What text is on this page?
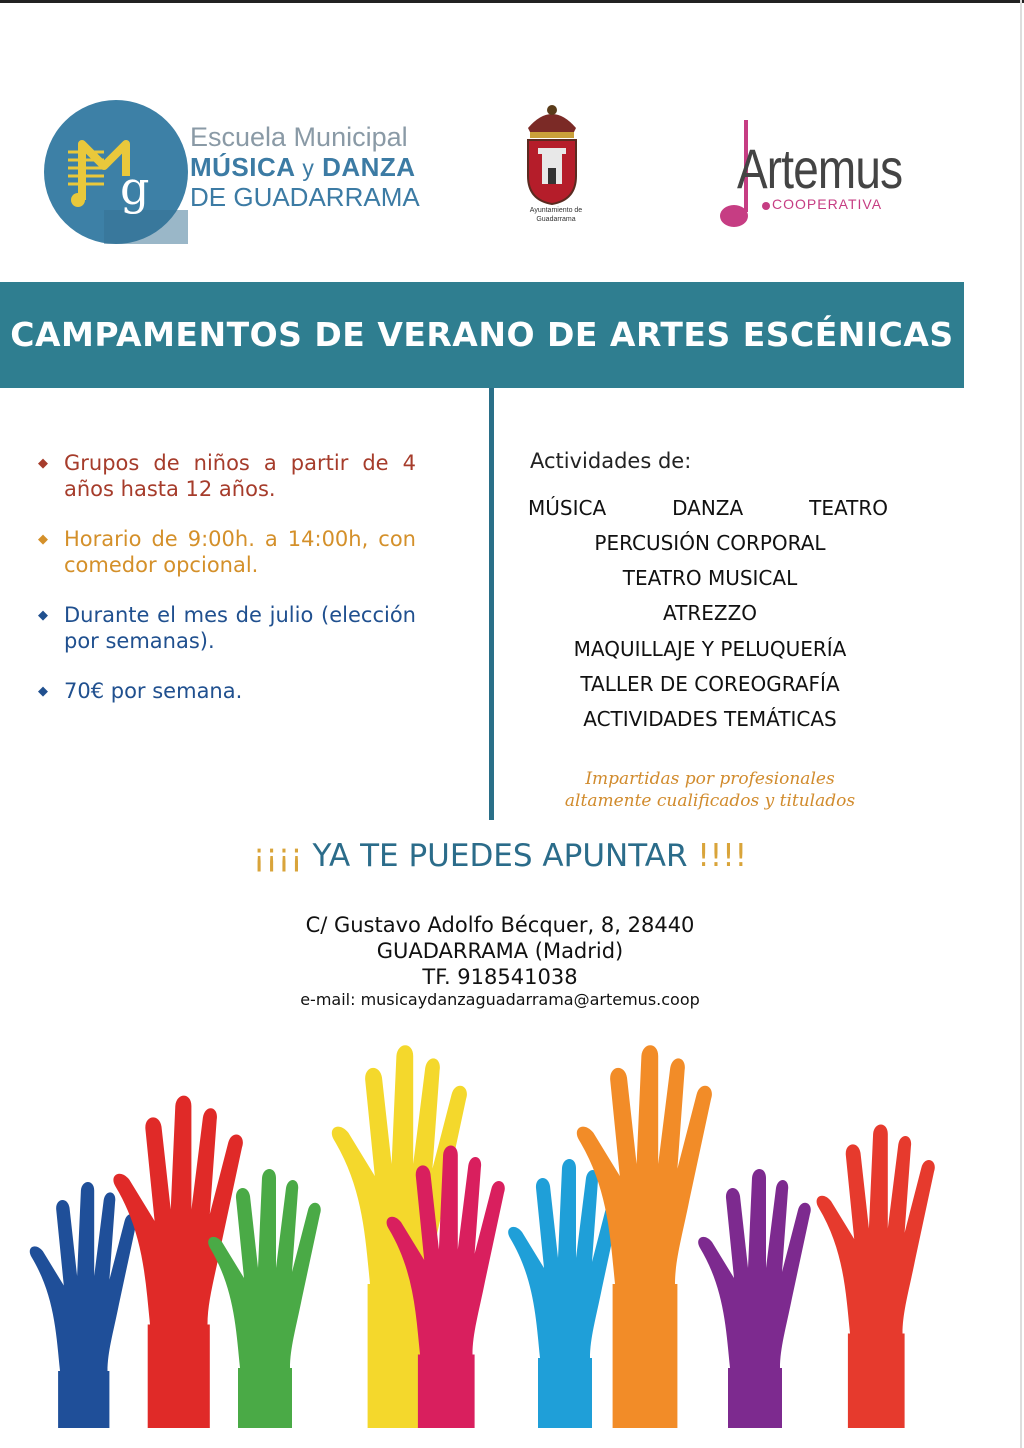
g
Escuela Municipal
MÚSICA y DANZA
DE GUADARRAMA	Ayuntamiento de
Guadarrama
Artemus
COOPERATIVA
CAMPAMENTOS DE VERANO DE ARTES ESCÉNICAS
◆ Grupos de niños a partir de 4 años hasta 12 años.
◆ Horario de 9:00h. a 14:00h, con comedor opcional.
◆ Durante el mes de julio (elección por semanas).
◆ 70€ por semana.
Actividades de:
MÚSICA	DANZA	TEATRO
PERCUSIÓN CORPORAL
TEATRO MUSICAL
ATREZZO
MAQUILLAJE Y PELUQUERÍA
TALLER DE COREOGRAFÍA
ACTIVIDADES TEMÁTICAS
Impartidas por profesionales
altamente cualificados y titulados
¡¡¡¡ YA TE PUEDES APUNTAR !!!!
C/ Gustavo Adolfo Bécquer, 8, 28440
GUADARRAMA (Madrid)
TF. 918541038
e-mail: musicaydanzaguadarrama@artemus.coop
